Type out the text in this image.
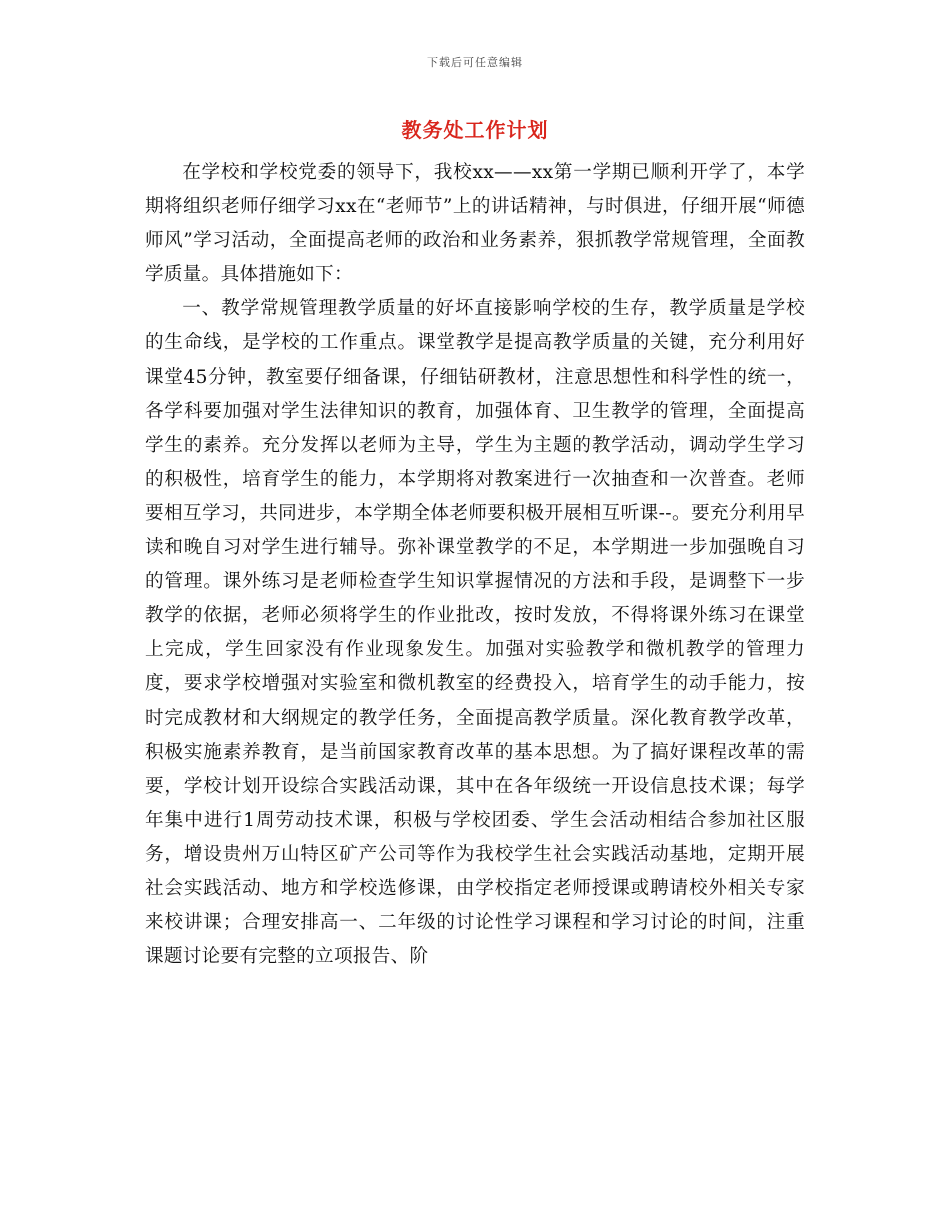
下载后可任意编辑
教务处工作计划

在学校和学校党委的领导下，我校xx——xx第一学期已顺利开学了，本学期将组织老师仔细学习xx在“老师节”上的讲话精神，与时俱进，仔细开展“师德师风”学习活动，全面提高老师的政治和业务素养，狠抓教学常规管理，全面教学质量。具体措施如下：

一、教学常规管理教学质量的好坏直接影响学校的生存，教学质量是学校的生命线，是学校的工作重点。课堂教学是提高教学质量的关键，充分利用好课堂45分钟，教室要仔细备课，仔细钻研教材，注意思想性和科学性的统一，各学科要加强对学生法律知识的教育，加强体育、卫生教学的管理，全面提高学生的素养。充分发挥以老师为主导，学生为主题的教学活动，调动学生学习的积极性，培育学生的能力，本学期将对教案进行一次抽查和一次普查。老师要相互学习，共同进步，本学期全体老师要积极开展相互听课--。要充分利用早读和晚自习对学生进行辅导。弥补课堂教学的不足，本学期进一步加强晚自习的管理。课外练习是老师检查学生知识掌握情况的方法和手段，是调整下一步教学的依据，老师必须将学生的作业批改，按时发放，不得将课外练习在课堂上完成，学生回家没有作业现象发生。加强对实验教学和微机教学的管理力度，要求学校增强对实验室和微机教室的经费投入，培育学生的动手能力，按时完成教材和大纲规定的教学任务，全面提高教学质量。深化教育教学改革，积极实施素养教育，是当前国家教育改革的基本思想。为了搞好课程改革的需要，学校计划开设综合实践活动课，其中在各年级统一开设信息技术课；每学年集中进行1周劳动技术课，积极与学校团委、学生会活动相结合参加社区服务，增设贵州万山特区矿产公司等作为我校学生社会实践活动基地，定期开展社会实践活动、地方和学校选修课，由学校指定老师授课或聘请校外相关专家来校讲课；合理安排高一、二年级的讨论性学习课程和学习讨论的时间，注重课题讨论要有完整的立项报告、阶
